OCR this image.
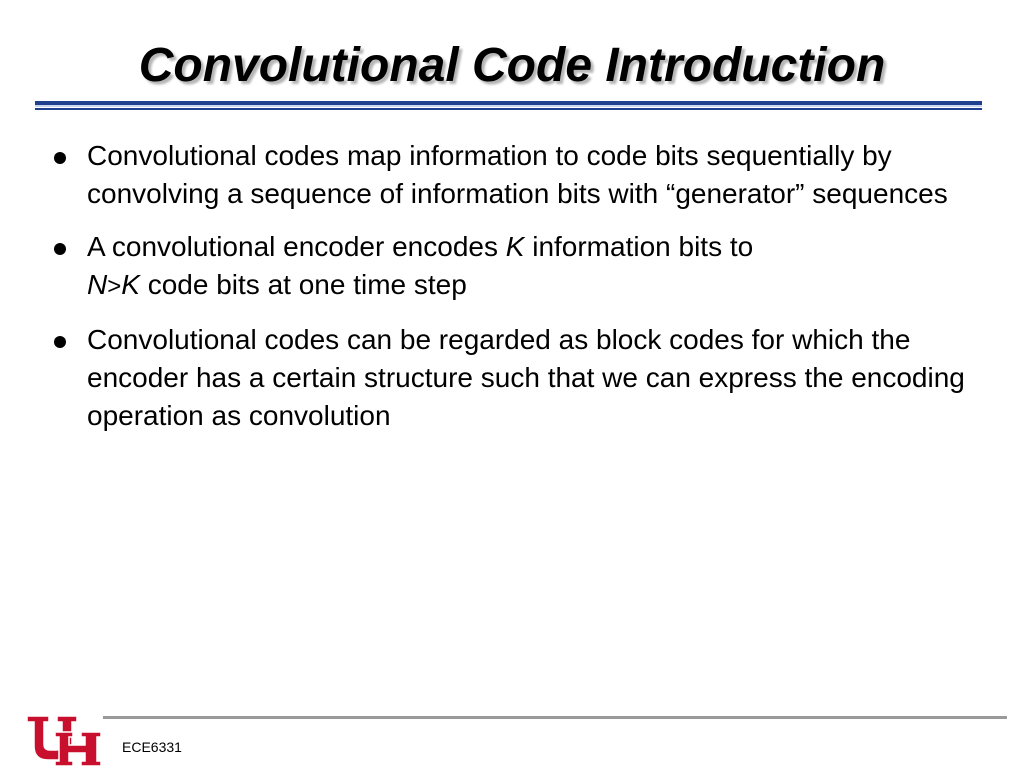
Convolutional Code Introduction
Convolutional codes map information to code bits sequentially by convolving a sequence of information bits with “generator” sequences
A convolutional encoder encodes K information bits to
N>K code bits at one time step
Convolutional codes can be regarded as block codes for which the encoder has a certain structure such that we can express the encoding operation as convolution
ECE6331
